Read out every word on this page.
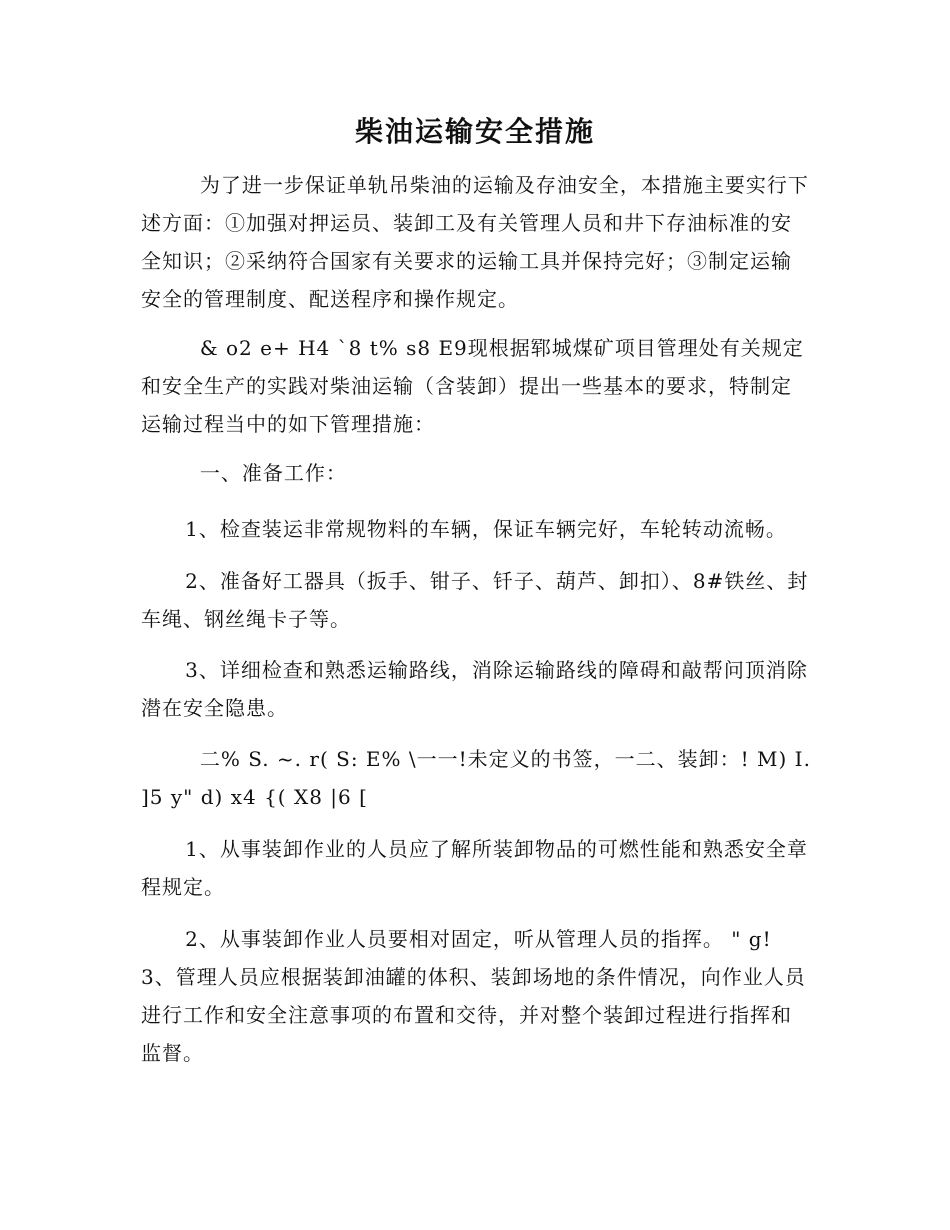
柴油运输安全措施

为了进一步保证单轨吊柴油的运输及存油安全，本措施主要实行下述方面：①加强对押运员、装卸工及有关管理人员和井下存油标准的安全知识；②采纳符合国家有关要求的运输工具并保持完好；③制定运输安全的管理制度、配送程序和操作规定。

& o2 e+ H4 `8 t% s8 E9现根据郓城煤矿项目管理处有关规定和安全生产的实践对柴油运输（含装卸）提出一些基本的要求，特制定运输过程当中的如下管理措施：

一、准备工作：

1、检查装运非常规物料的车辆，保证车辆完好，车轮转动流畅。

2、准备好工器具（扳手、钳子、钎子、葫芦、卸扣）、8#铁丝、封车绳、钢丝绳卡子等。

3、详细检查和熟悉运输路线，消除运输路线的障碍和敲帮问顶消除潜在安全隐患。

二% S. ~. r( S: E% \一一!未定义的书签，一二、装卸：! M) I. ]5 y" d) x4 {( X8 |6 [

1、从事装卸作业的人员应了解所装卸物品的可燃性能和熟悉安全章程规定。

2、从事装卸作业人员要相对固定，听从管理人员的指挥。 " g! 3、管理人员应根据装卸油罐的体积、装卸场地的条件情况，向作业人员进行工作和安全注意事项的布置和交待，并对整个装卸过程进行指挥和监督。
